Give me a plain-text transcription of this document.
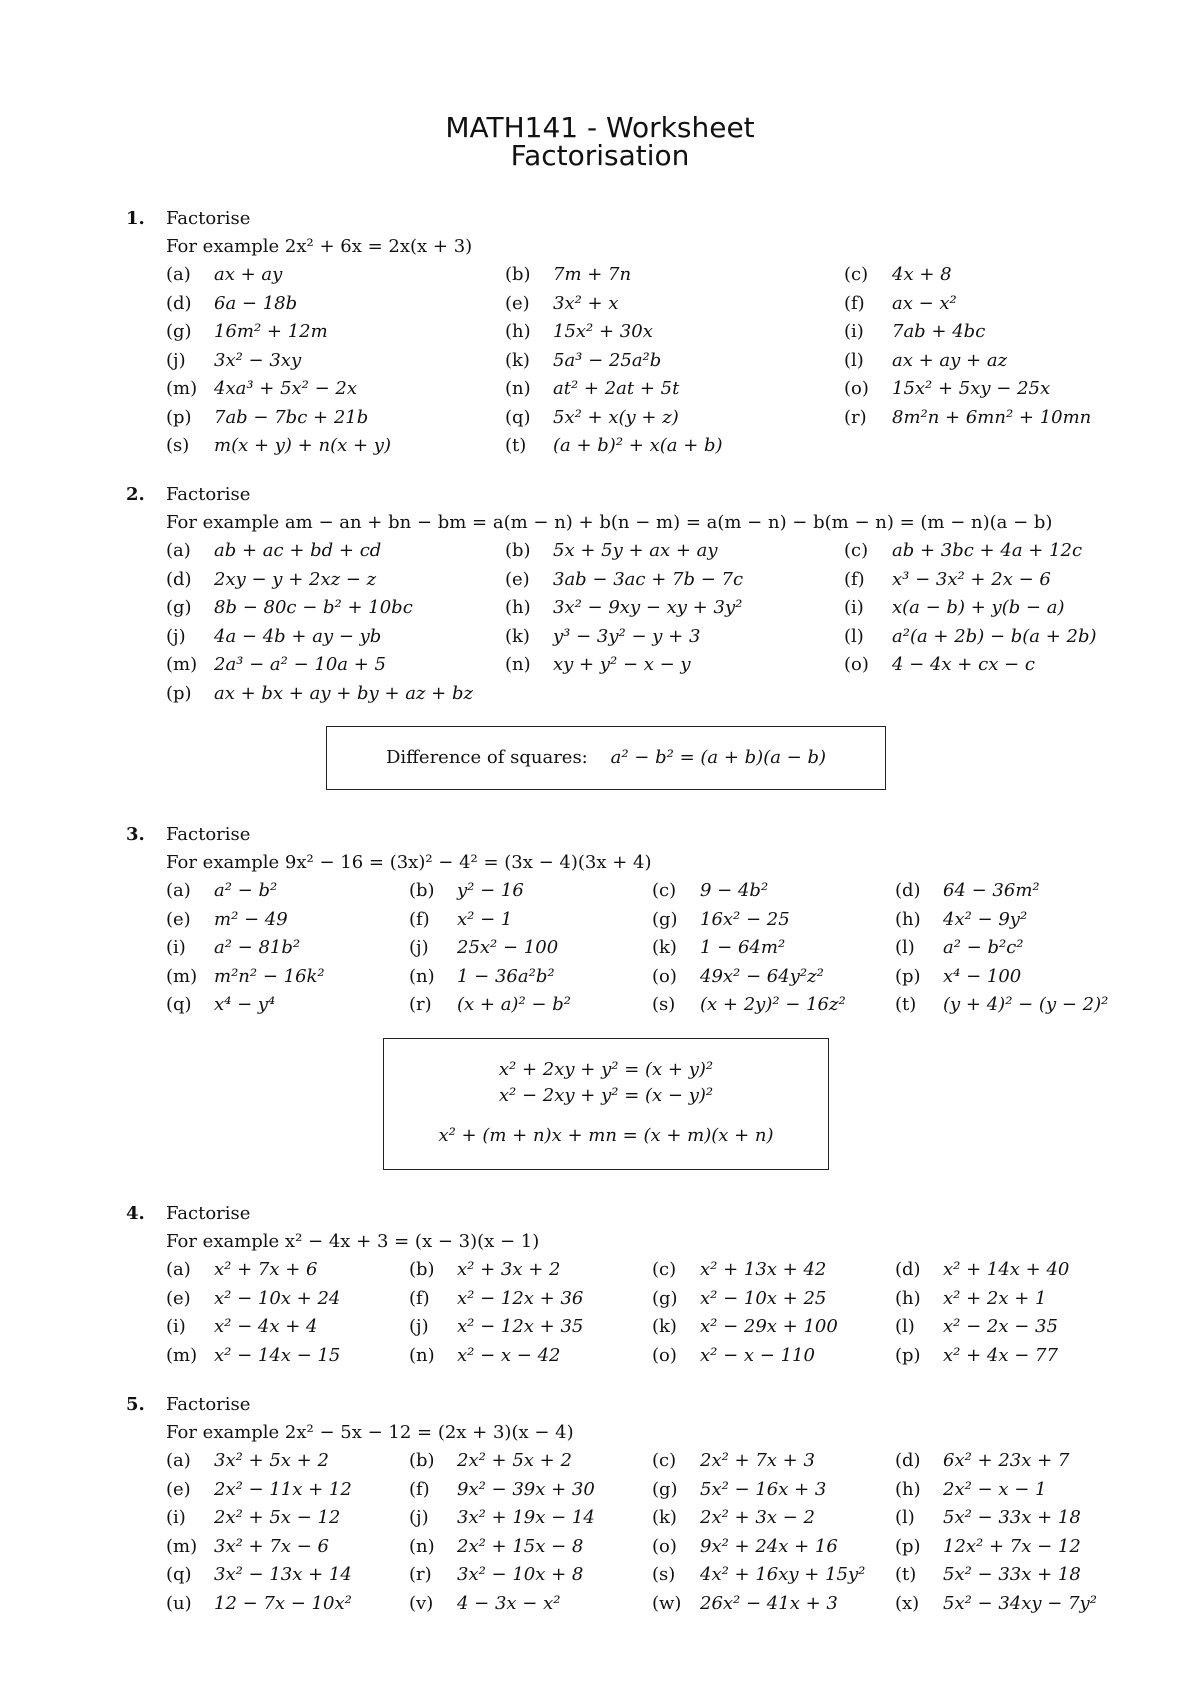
MATH141 - Worksheet
Factorisation
1. Factorise
For example 2x² + 6x = 2x(x + 3)
(a) ax + ay	(b) 7m + 7n	(c) 4x + 8
(d) 6a − 18b	(e) 3x² + x	(f) ax − x²
(g) 16m² + 12m	(h) 15x² + 30x	(i) 7ab + 4bc
(j) 3x² − 3xy	(k) 5a³ − 25a²b	(l) ax + ay + az
(m) 4xa³ + 5x² − 2x	(n) at² + 2at + 5t	(o) 15x² + 5xy − 25x
(p) 7ab − 7bc + 21b	(q) 5x² + x(y + z)	(r) 8m²n + 6mn² + 10mn
(s) m(x + y) + n(x + y)	(t) (a + b)² + x(a + b)
2. Factorise
For example am − an + bn − bm = a(m − n) + b(n − m) = a(m − n) − b(m − n) = (m − n)(a − b)
(a) ab + ac + bd + cd	(b) 5x + 5y + ax + ay	(c) ab + 3bc + 4a + 12c
(d) 2xy − y + 2xz − z	(e) 3ab − 3ac + 7b − 7c	(f) x³ − 3x² + 2x − 6
(g) 8b − 80c − b² + 10bc	(h) 3x² − 9xy − xy + 3y²	(i) x(a − b) + y(b − a)
(j) 4a − 4b + ay − yb	(k) y³ − 3y² − y + 3	(l) a²(a + 2b) − b(a + 2b)
(m) 2a³ − a² − 10a + 5	(n) xy + y² − x − y	(o) 4 − 4x + cx − c
(p) ax + bx + ay + by + az + bz
Difference of squares: a² − b² = (a + b)(a − b)
3. Factorise
For example 9x² − 16 = (3x)² − 4² = (3x − 4)(3x + 4)
(a) a² − b²	(b) y² − 16	(c) 9 − 4b²	(d) 64 − 36m²
(e) m² − 49	(f) x² − 1	(g) 16x² − 25	(h) 4x² − 9y²
(i) a² − 81b²	(j) 25x² − 100	(k) 1 − 64m²	(l) a² − b²c²
(m) m²n² − 16k²	(n) 1 − 36a²b²	(o) 49x² − 64y²z²	(p) x⁴ − 100
(q) x⁴ − y⁴	(r) (x + a)² − b²	(s) (x + 2y)² − 16z²	(t) (y + 4)² − (y − 2)²
x² + 2xy + y² = (x + y)²
x² − 2xy + y² = (x − y)²
x² + (m + n)x + mn = (x + m)(x + n)
4. Factorise
For example x² − 4x + 3 = (x − 3)(x − 1)
(a) x² + 7x + 6	(b) x² + 3x + 2	(c) x² + 13x + 42	(d) x² + 14x + 40
(e) x² − 10x + 24	(f) x² − 12x + 36	(g) x² − 10x + 25	(h) x² + 2x + 1
(i) x² − 4x + 4	(j) x² − 12x + 35	(k) x² − 29x + 100	(l) x² − 2x − 35
(m) x² − 14x − 15	(n) x² − x − 42	(o) x² − x − 110	(p) x² + 4x − 77
5. Factorise
For example 2x² − 5x − 12 = (2x + 3)(x − 4)
(a) 3x² + 5x + 2	(b) 2x² + 5x + 2	(c) 2x² + 7x + 3	(d) 6x² + 23x + 7
(e) 2x² − 11x + 12	(f) 9x² − 39x + 30	(g) 5x² − 16x + 3	(h) 2x² − x − 1
(i) 2x² + 5x − 12	(j) 3x² + 19x − 14	(k) 2x² + 3x − 2	(l) 5x² − 33x + 18
(m) 3x² + 7x − 6	(n) 2x² + 15x − 8	(o) 9x² + 24x + 16	(p) 12x² + 7x − 12
(q) 3x² − 13x + 14	(r) 3x² − 10x + 8	(s) 4x² + 16xy + 15y² (t) 5x² − 33x + 18
(u) 12 − 7x − 10x²	(v) 4 − 3x − x²	(w) 26x² − 41x + 3	(x) 5x² − 34xy − 7y²
